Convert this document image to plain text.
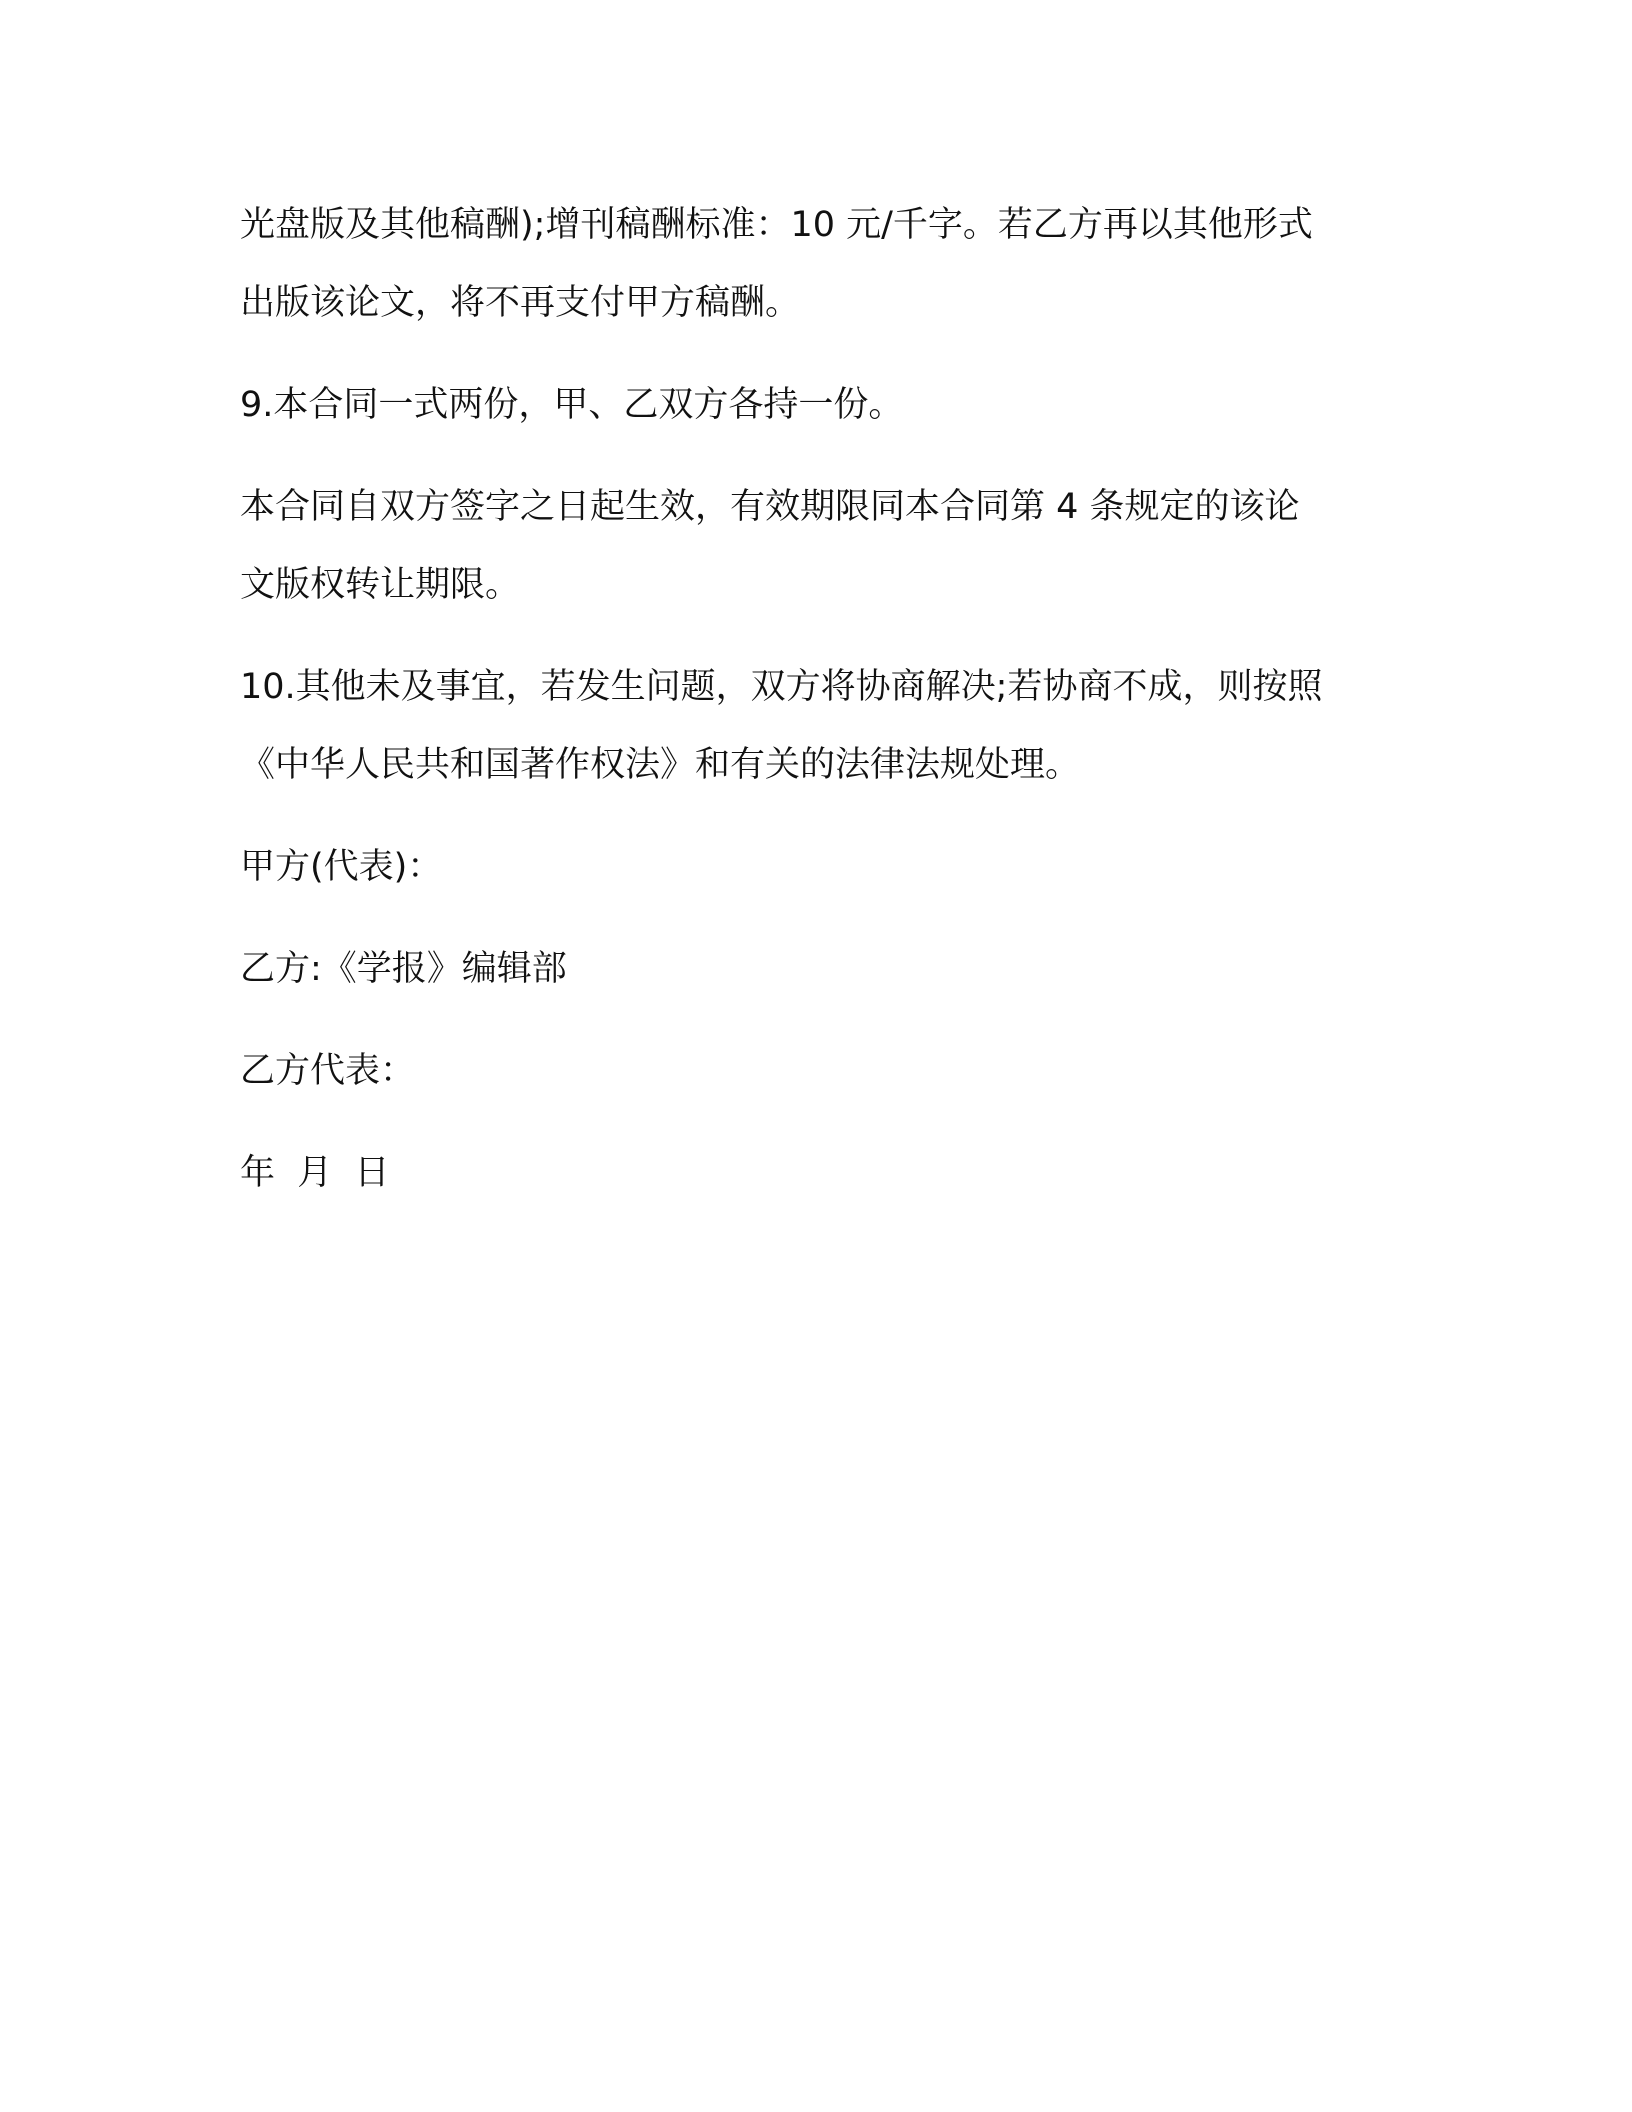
光盘版及其他稿酬);增刊稿酬标准：10 元/千字。若乙方再以其他形式
出版该论文，将不再支付甲方稿酬。

9.本合同一式两份，甲、乙双方各持一份。

本合同自双方签字之日起生效，有效期限同本合同第 4 条规定的该论
文版权转让期限。

10.其他未及事宜，若发生问题，双方将协商解决;若协商不成，则按照
《中华人民共和国著作权法》和有关的法律法规处理。

甲方(代表)：

乙方:《学报》编辑部

乙方代表：

年  月  日
